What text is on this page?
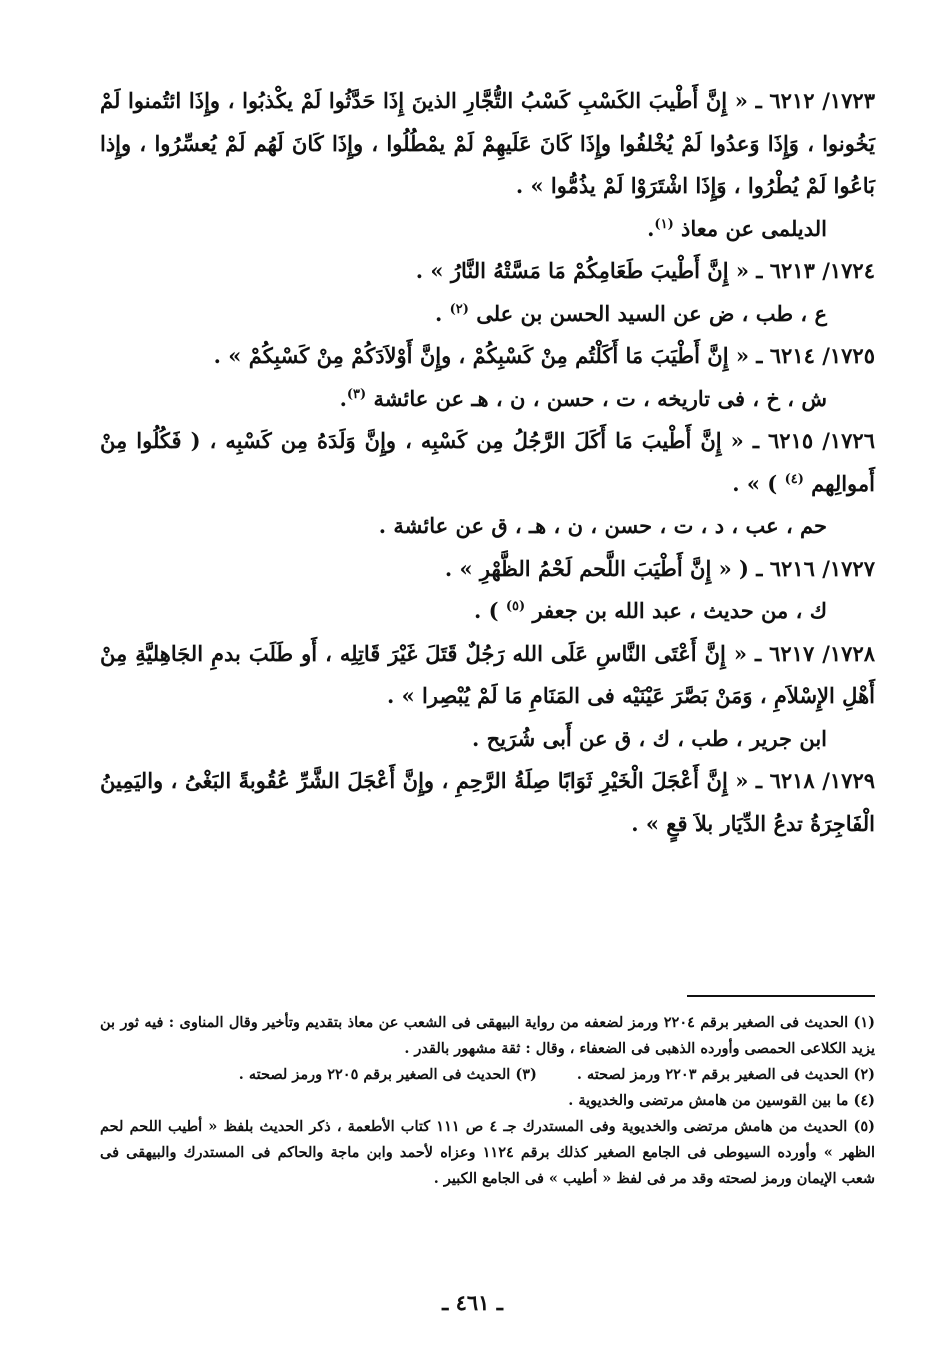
١٧٢٣/ ٦٢١٢ ـ « إِنَّ أَطْيبَ الكَسْبِ كَسْبُ التُّجَّارِ الذينَ إِذَا حَدَّثُوا لَمْ يكْذبُوا ، وإِذَا ائتُمنوا لَمْ يَخُونوا ، وَإِذَا وَعدُوا لَمْ يُخْلفُوا وإِذَا كَانَ عَلَيهِمْ لَمْ يمْطُلُوا ، وإِذَا كَانَ لَهُم لَمْ يُعسِّرُوا ، وإِذا بَاعُوا لَمْ يُطْرُوا ، وَإِذَا اشْتَرَوْا لَمْ يذُمُّوا » .

الديلمى عن معاذ $^{(١)}$.

١٧٢٤/ ٦٢١٣ ـ « إِنَّ أَطْيبَ طَعَامِكُمْ مَا مَسَّتْهُ النَّارُ » .

ع ، طب ، ض عن السيد الحسن بن على $^{(٢)}$ .

١٧٢٥/ ٦٢١٤ ـ « إِنَّ أَطْيَبَ مَا أَكَلْتُم مِنْ كَسْبِكُمْ ، وإِنَّ أَوْلاَدَكُمْ مِنْ كَسْبِكُمْ » .

ش ، خ ، فى تاريخه ، ت ، حسن ، ن ، هـ عن عائشة $^{(٣)}$.

١٧٢٦/ ٦٢١٥ ـ « إِنَّ أَطْيبَ مَا أَكَلَ الرَّجُلُ مِن كَسْبِه ، وإِنَّ وَلَدَهُ مِن كَسْبِه ، ( فَكُلُوا مِنْ أَموالِهم $^{(٤)}$ ) » .

حم ، عب ، د ، ت ، حسن ، ن ، هـ ، ق عن عائشة .

١٧٢٧/ ٦٢١٦ ـ ( « إِنَّ أَطْيَبَ اللَّحم لَحْمُ الظَّهْرِ » .

ك ، من حديث ، عبد الله بن جعفر $^{(٥)}$ ) .

١٧٢٨/ ٦٢١٧ ـ « إِنَّ أَعْتَى النَّاسِ عَلَى الله رَجُلٌ قَتَلَ غَيْرَ قَاتِلِه ، أَو طَلَبَ بدمِ الجَاهِليَّةِ مِنْ أَهْلِ الإِسْلاَمِ ، وَمَنْ بَصَّرَ عَيْنَيْه فى المَنَامِ مَا لَمْ يُبْصِرا » .

ابن جرير ، طب ، ك ، ق عن أَبى شُرَيح .

١٧٢٩/ ٦٢١٨ ـ « إِنَّ أَعْجَلَ الْخَيْرِ ثَوَابًا صِلَةُ الرَّحِمِ ، وإِنَّ أَعْجَلَ الشَّرِّ عُقُوبةً البَغْىُ ، واليَمِينُ الْفَاجِرَةُ تدعُ الدِّيَار بلاَ قعٍ » .

(١) الحديث فى الصغير برقم ٢٢٠٤ ورمز لضعفه من رواية البيهقى فى الشعب عن معاذ بتقديم وتأخير وقال المناوى : فيه ثور بن يزيد الكلاعى الحمصى وأورده الذهبى فى الضعفاء ، وقال : ثقة مشهور بالقدر .

(٢) الحديث فى الصغير برقم ٢٢٠٣ ورمز لصحته .
(٣) الحديث فى الصغير برقم ٢٢٠٥ ورمز لصحته .

(٤) ما بين القوسين من هامش مرتضى والخديوية .

(٥) الحديث من هامش مرتضى والخديوية وفى المستدرك جـ ٤ ص ١١١ كتاب الأطعمة ، ذكر الحديث بلفظ « أطيب اللحم لحم الظهر » وأورده السيوطى فى الجامع الصغير كذلك برقم ١١٢٤ وعزاه لأحمد وابن ماجة والحاكم فى المستدرك والبيهقى فى شعب الإيمان ورمز لصحته وقد مر فى لفظ « أطيب » فى الجامع الكبير .

ـ ٤٦١ ـ
